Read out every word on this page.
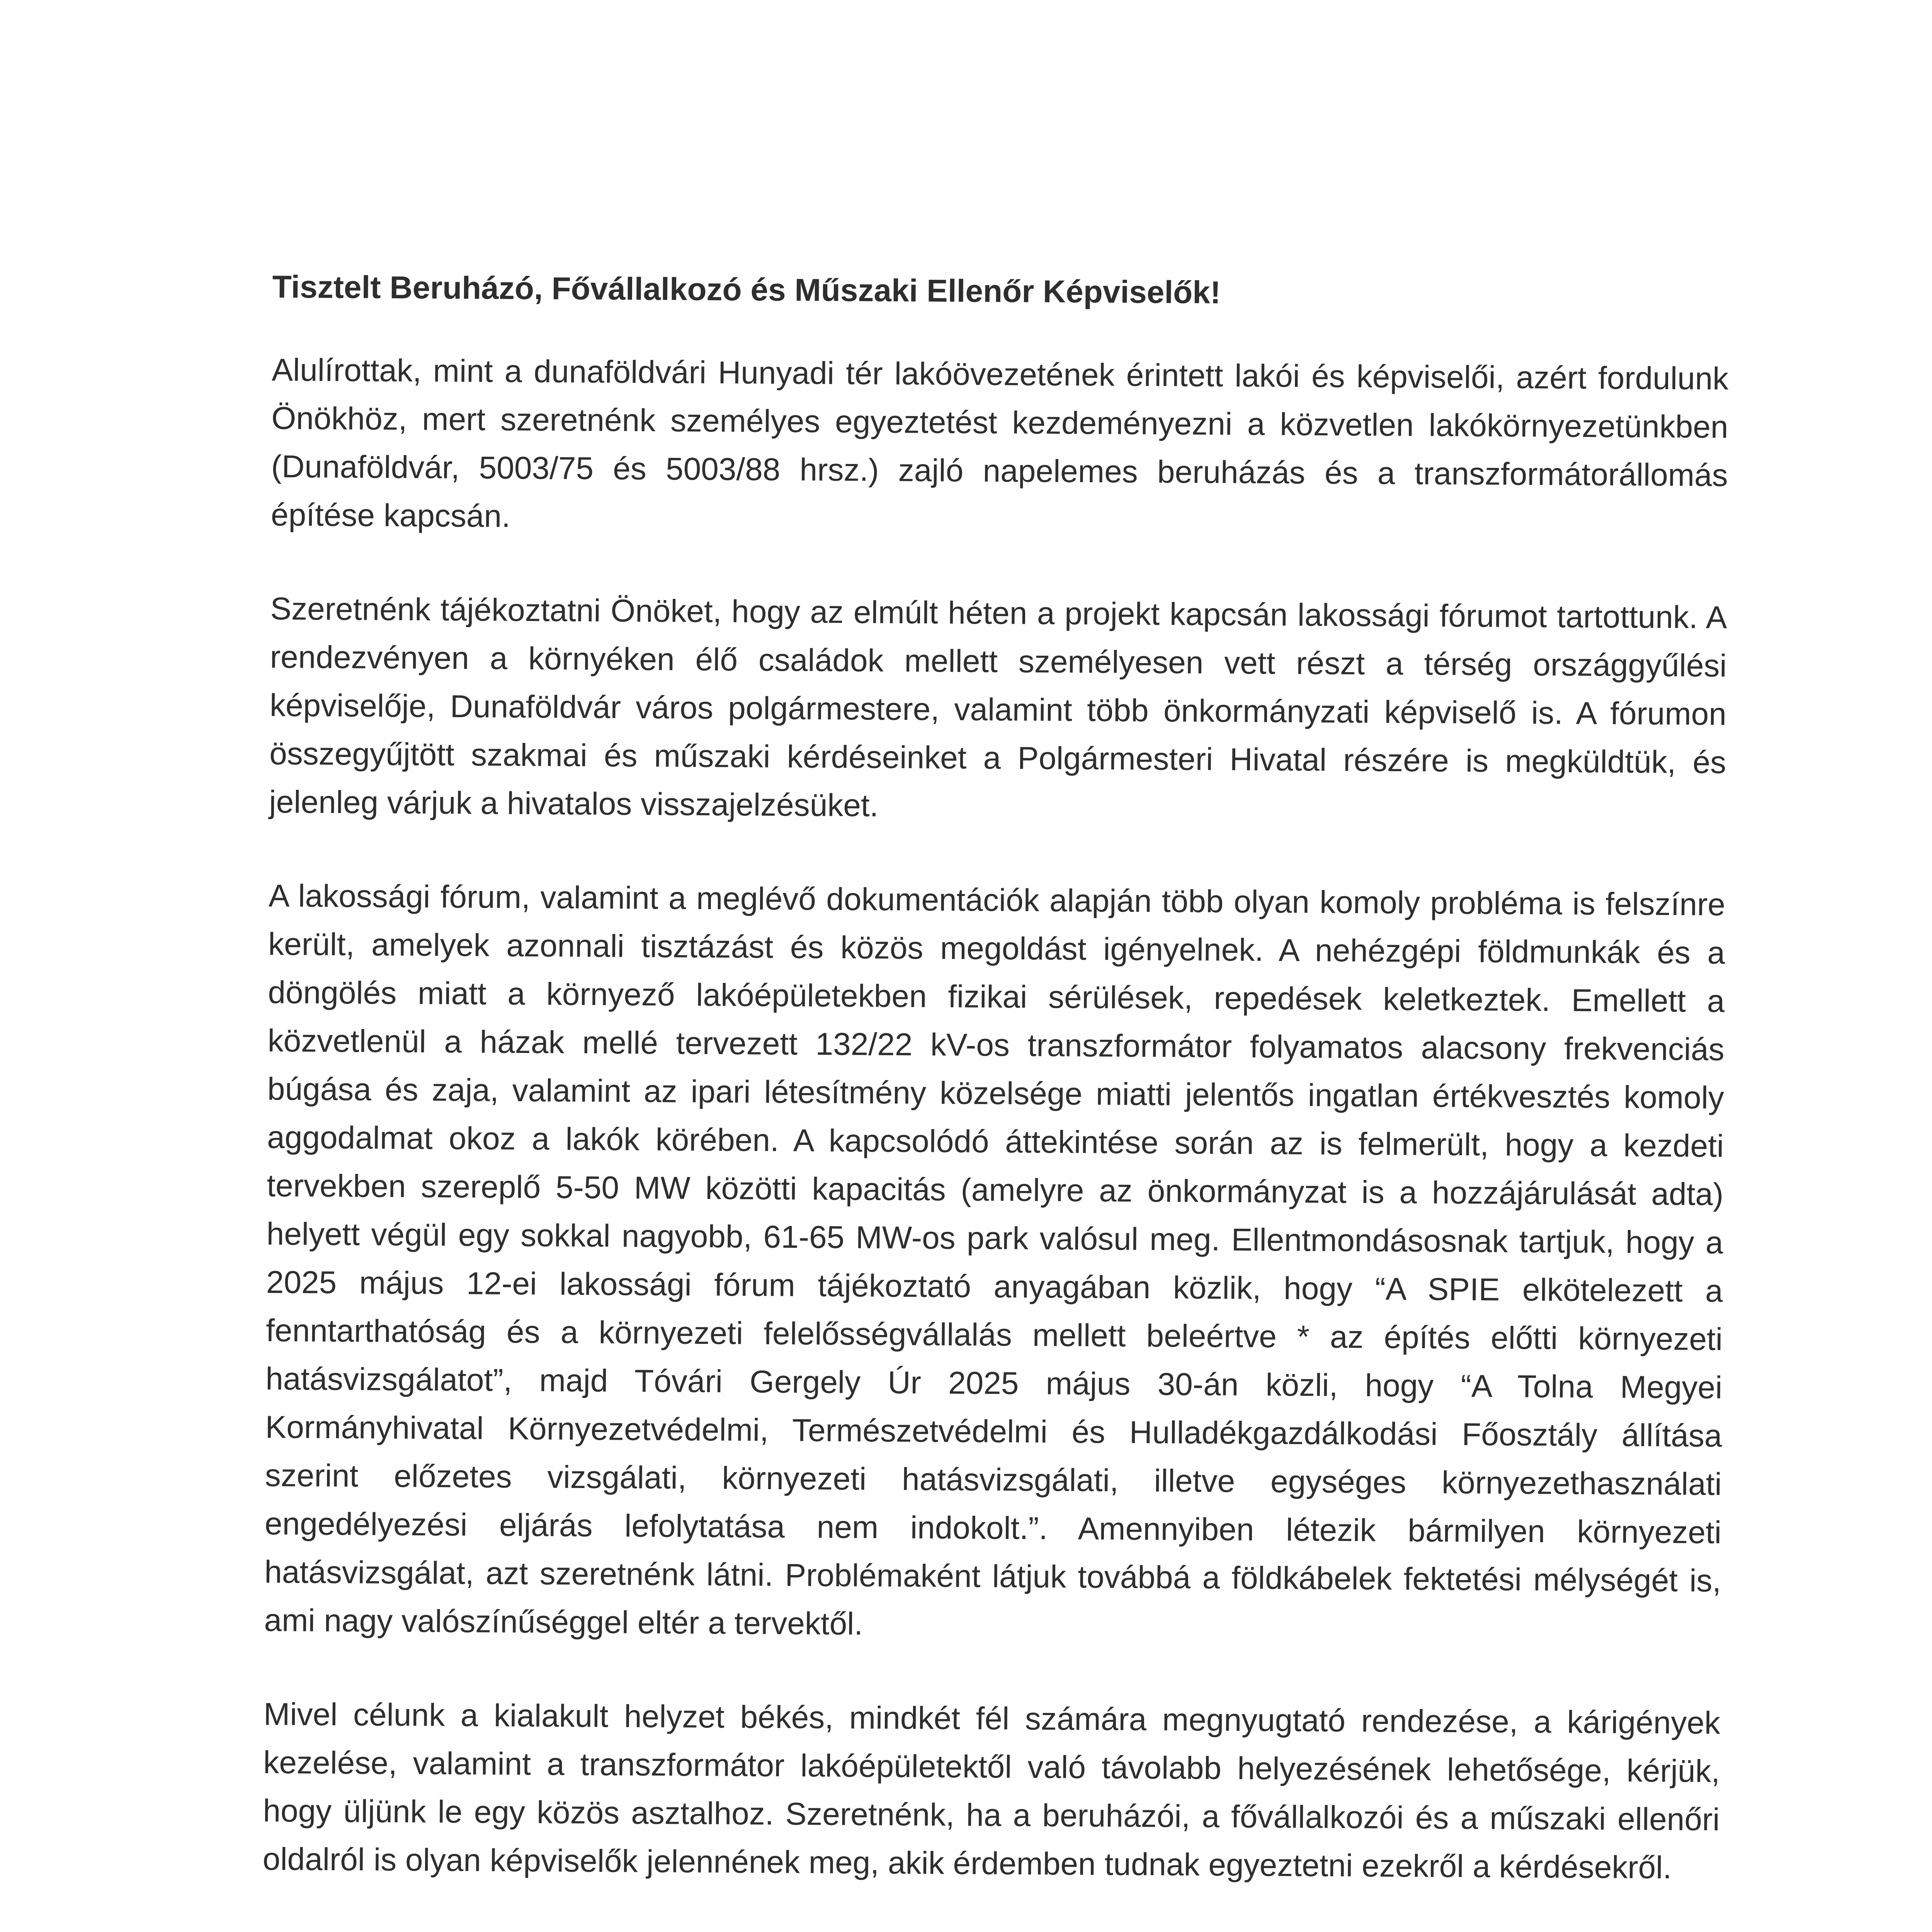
Tisztelt Beruházó, Fővállalkozó és Műszaki Ellenőr Képviselők!

Alulírottak, mint a dunaföldvári Hunyadi tér lakóövezetének érintett lakói és képviselői, azért fordulunk Önökhöz, mert szeretnénk személyes egyeztetést kezdeményezni a közvetlen lakókörnyezetünkben (Dunaföldvár, 5003/75 és 5003/88 hrsz.) zajló napelemes beruházás és a transzformátorállomás építése kapcsán.

Szeretnénk tájékoztatni Önöket, hogy az elmúlt héten a projekt kapcsán lakossági fórumot tartottunk. A rendezvényen a környéken élő családok mellett személyesen vett részt a térség országgyűlési képviselője, Dunaföldvár város polgármestere, valamint több önkormányzati képviselő is. A fórumon összegyűjtött szakmai és műszaki kérdéseinket a Polgármesteri Hivatal részére is megküldtük, és jelenleg várjuk a hivatalos visszajelzésüket.

A lakossági fórum, valamint a meglévő dokumentációk alapján több olyan komoly probléma is felszínre került, amelyek azonnali tisztázást és közös megoldást igényelnek. A nehézgépi földmunkák és a döngölés miatt a környező lakóépületekben fizikai sérülések, repedések keletkeztek. Emellett a közvetlenül a házak mellé tervezett 132/22 kV-os transzformátor folyamatos alacsony frekvenciás búgása és zaja, valamint az ipari létesítmény közelsége miatti jelentős ingatlan értékvesztés komoly aggodalmat okoz a lakók körében. A kapcsolódó áttekintése során az is felmerült, hogy a kezdeti tervekben szereplő 5-50 MW közötti kapacitás (amelyre az önkormányzat is a hozzájárulását adta) helyett végül egy sokkal nagyobb, 61-65 MW-os park valósul meg. Ellentmondásosnak tartjuk, hogy a 2025 május 12-ei lakossági fórum tájékoztató anyagában közlik, hogy “A SPIE elkötelezett a fenntarthatóság és a környezeti felelősségvállalás mellett beleértve * az építés előtti környezeti hatásvizsgálatot”, majd Tóvári Gergely Úr 2025 május 30-án közli, hogy “A Tolna Megyei Kormányhivatal Környezetvédelmi, Természetvédelmi és Hulladékgazdálkodási Főosztály állítása szerint előzetes vizsgálati, környezeti hatásvizsgálati, illetve egységes környezethasználati engedélyezési eljárás lefolytatása nem indokolt.”. Amennyiben létezik bármilyen környezeti hatásvizsgálat, azt szeretnénk látni. Problémaként látjuk továbbá a földkábelek fektetési mélységét is, ami nagy valószínűséggel eltér a tervektől.

Mivel célunk a kialakult helyzet békés, mindkét fél számára megnyugtató rendezése, a kárigények kezelése, valamint a transzformátor lakóépületektől való távolabb helyezésének lehetősége, kérjük, hogy üljünk le egy közös asztalhoz. Szeretnénk, ha a beruházói, a fővállalkozói és a műszaki ellenőri oldalról is olyan képviselők jelennének meg, akik érdemben tudnak egyeztetni ezekről a kérdésekről.
